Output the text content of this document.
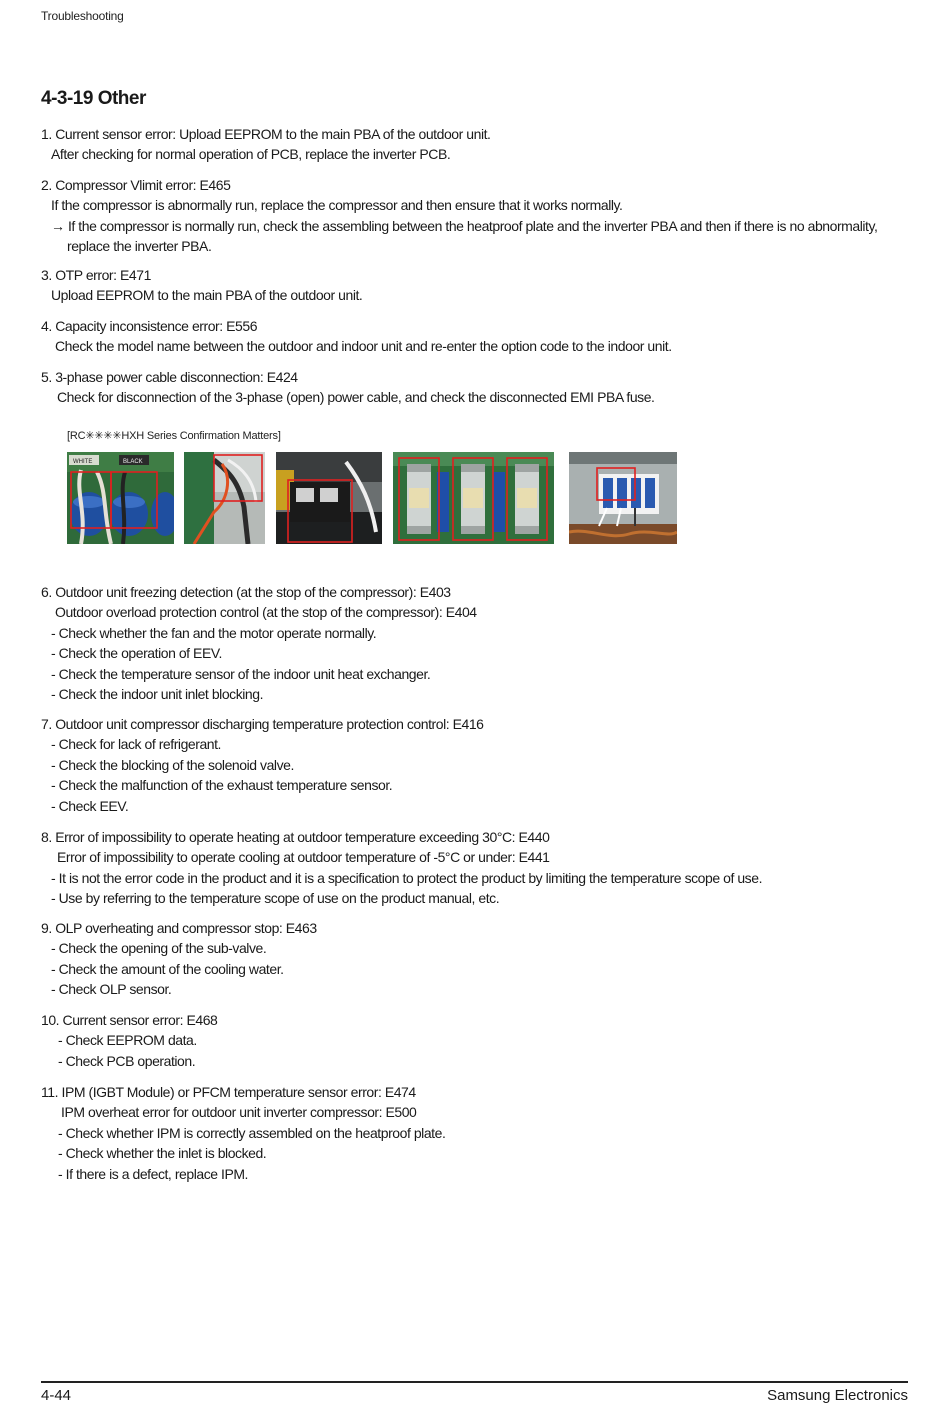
Troubleshooting
4-3-19 Other
1. Current sensor error: Upload EEPROM to the main PBA of the outdoor unit.
After checking for normal operation of PCB, replace the inverter PCB.
2. Compressor Vlimit error: E465
If the compressor is abnormally run, replace the compressor and then ensure that it works normally.
→ If the compressor is normally run, check the assembling between the heatproof plate and the inverter PBA and then if there is no abnormality,
replace the inverter PBA.
3. OTP error: E471
Upload EEPROM to the main PBA of the outdoor unit.
4. Capacity inconsistence error: E556
Check the model name between the outdoor and indoor unit and re-enter the option code to the indoor unit.
5. 3-phase power cable disconnection: E424
Check for disconnection of the 3-phase (open) power cable, and check the disconnected EMI PBA fuse.
[RC✳✳✳✳HXH Series Confirmation Matters]
WHITE	BLACK
6. Outdoor unit freezing detection (at the stop of the compressor): E403
Outdoor overload protection control (at the stop of the compressor): E404
- Check whether the fan and the motor operate normally.
- Check the operation of EEV.
- Check the temperature sensor of the indoor unit heat exchanger.
- Check the indoor unit inlet blocking.
7. Outdoor unit compressor discharging temperature protection control: E416
- Check for lack of refrigerant.
- Check the blocking of the solenoid valve.
- Check the malfunction of the exhaust temperature sensor.
- Check EEV.
8. Error of impossibility to operate heating at outdoor temperature exceeding 30°C: E440
Error of impossibility to operate cooling at outdoor temperature of -5°C or under: E441
- It is not the error code in the product and it is a specification to protect the product by limiting the temperature scope of use.
- Use by referring to the temperature scope of use on the product manual, etc.
9. OLP overheating and compressor stop: E463
- Check the opening of the sub-valve.
- Check the amount of the cooling water.
- Check OLP sensor.
10. Current sensor error: E468
- Check EEPROM data.
- Check PCB operation.
11. IPM (IGBT Module) or PFCM temperature sensor error: E474
IPM overheat error for outdoor unit inverter compressor: E500
- Check whether IPM is correctly assembled on the heatproof plate.
- Check whether the inlet is blocked.
- If there is a defect, replace IPM.
4-44	Samsung Electronics
